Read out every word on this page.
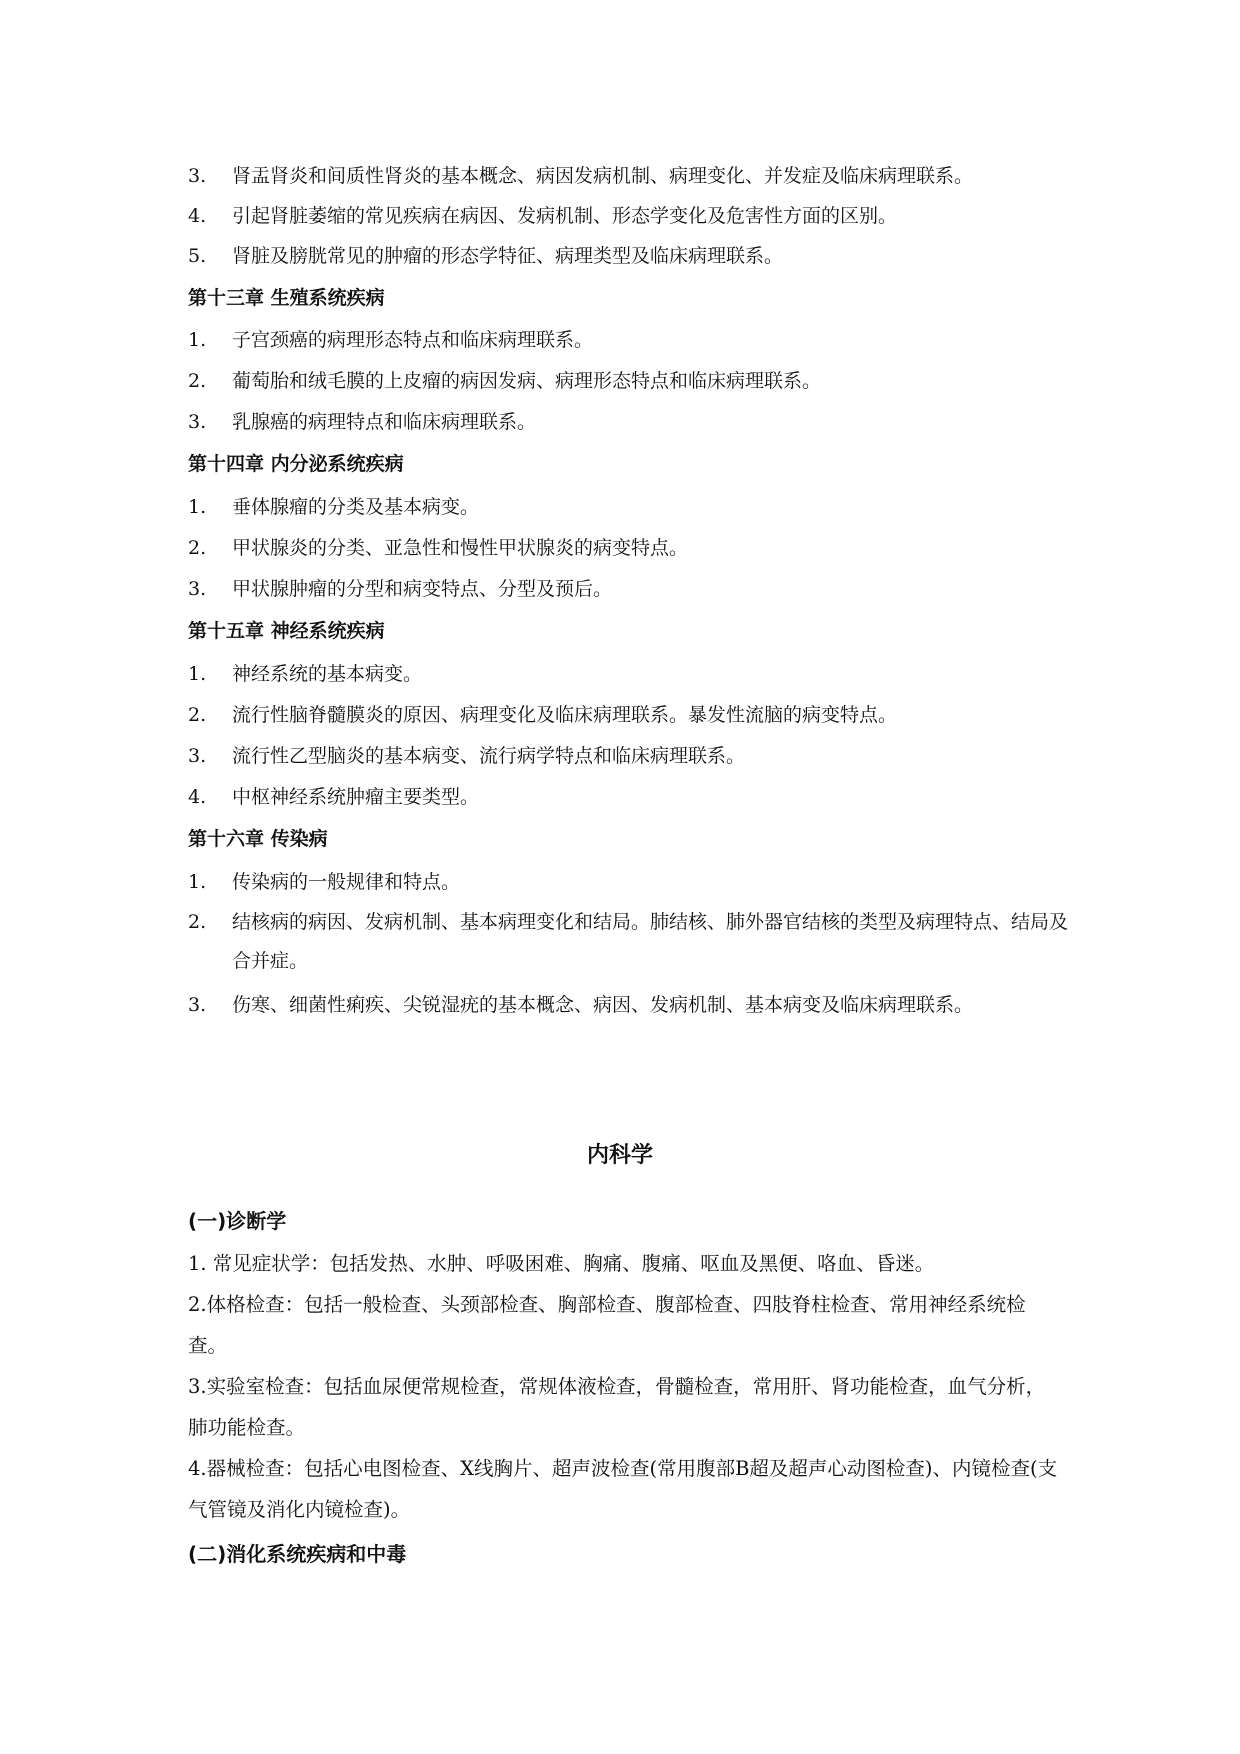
3. 肾盂肾炎和间质性肾炎的基本概念、病因发病机制、病理变化、并发症及临床病理联系。
4. 引起肾脏萎缩的常见疾病在病因、发病机制、形态学变化及危害性方面的区别。
5. 肾脏及膀胱常见的肿瘤的形态学特征、病理类型及临床病理联系。
第十三章 生殖系统疾病
1. 子宫颈癌的病理形态特点和临床病理联系。
2. 葡萄胎和绒毛膜的上皮瘤的病因发病、病理形态特点和临床病理联系。
3. 乳腺癌的病理特点和临床病理联系。
第十四章 内分泌系统疾病
1. 垂体腺瘤的分类及基本病变。
2. 甲状腺炎的分类、亚急性和慢性甲状腺炎的病变特点。
3. 甲状腺肿瘤的分型和病变特点、分型及预后。
第十五章 神经系统疾病
1. 神经系统的基本病变。
2. 流行性脑脊髓膜炎的原因、病理变化及临床病理联系。暴发性流脑的病变特点。
3. 流行性乙型脑炎的基本病变、流行病学特点和临床病理联系。
4. 中枢神经系统肿瘤主要类型。
第十六章 传染病
1. 传染病的一般规律和特点。
2. 结核病的病因、发病机制、基本病理变化和结局。肺结核、肺外器官结核的类型及病理特点、结局及合并症。
3. 伤寒、细菌性痢疾、尖锐湿疣的基本概念、病因、发病机制、基本病变及临床病理联系。
内科学
(一)诊断学
1. 常见症状学：包括发热、水肿、呼吸困难、胸痛、腹痛、呕血及黑便、咯血、昏迷。
2.体格检查：包括一般检查、头颈部检查、胸部检查、腹部检查、四肢脊柱检查、常用神经系统检查。
3.实验室检查：包括血尿便常规检查，常规体液检查，骨髓检查，常用肝、肾功能检查，血气分析，肺功能检查。
4.器械检查：包括心电图检查、X线胸片、超声波检查(常用腹部B超及超声心动图检查)、内镜检查(支气管镜及消化内镜检查)。
(二)消化系统疾病和中毒
